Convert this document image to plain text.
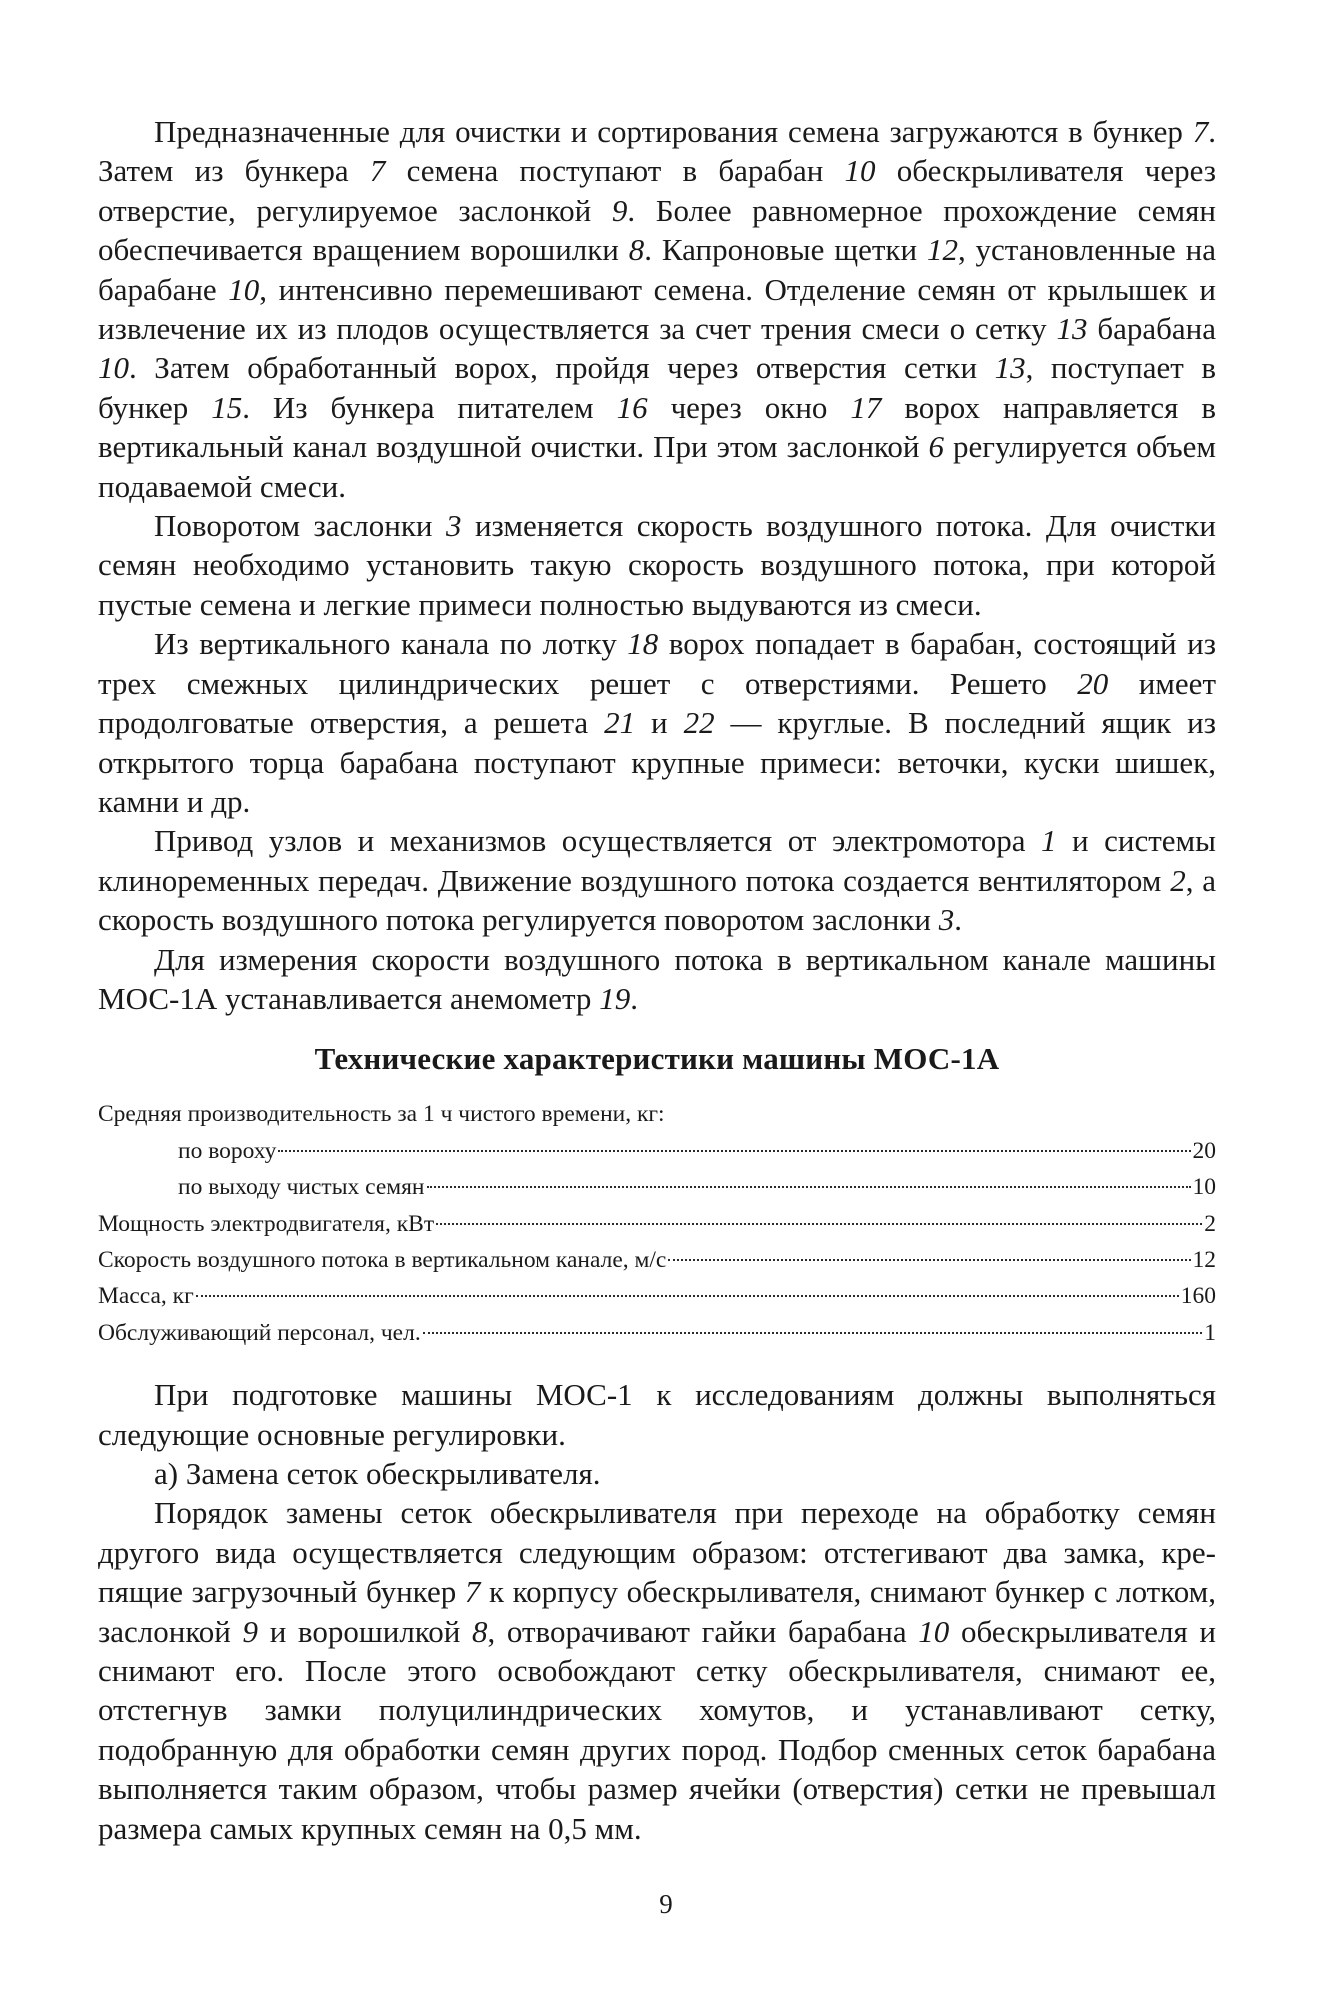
Предназначенные для очистки и сортирования семена загружаются в бункер 7. Затем из бункера 7 семена поступают в барабан 10 обескрыливателя через отверстие, регулируемое заслонкой 9. Более равномерное прохождение семян обеспечивается вращением ворошилки 8. Капроновые щетки 12, установленные на барабане 10, интенсивно перемешивают семена. Отделение семян от крылышек и извлечение их из плодов осуществляется за счет трения смеси о сетку 13 барабана 10. Затем обработанный ворох, пройдя через отверстия сетки 13, поступает в бункер 15. Из бункера питателем 16 через окно 17 ворох направляется в вертикальный канал воздушной очистки. При этом заслонкой 6 регулируется объем подаваемой смеси.

Поворотом заслонки 3 изменяется скорость воздушного потока. Для очистки семян необходимо установить такую скорость воздушного потока, при которой пустые семена и легкие примеси полностью выдуваются из смеси.

Из вертикального канала по лотку 18 ворох попадает в барабан, состоящий из трех смежных цилиндрических решет с отверстиями. Решето 20 имеет продолговатые отверстия, а решета 21 и 22 — круглые. В последний ящик из открытого торца барабана поступают крупные примеси: веточки, куски шишек, камни и др.

Привод узлов и механизмов осуществляется от электромотора 1 и системы клиноременных передач. Движение воздушного потока создается вентилятором 2, а скорость воздушного потока регулируется поворотом заслонки 3.

Для измерения скорости воздушного потока в вертикальном канале машины МОС-1А устанавливается анемометр 19.

Технические характеристики машины МОС-1А
Средняя производительность за 1 ч чистого времени, кг:
по вороху	20
по выходу чистых семян	10
Мощность электродвигателя, кВт	2
Скорость воздушного потока в вертикальном канале, м/с	12
Масса, кг	160
Обслуживающий персонал, чел.	1

При подготовке машины МОС-1 к исследованиям должны выполняться следующие основные регулировки.

а) Замена сеток обескрыливателя.

Порядок замены сеток обескрыливателя при переходе на обработку семян другого вида осуществляется следующим образом: отстегивают два замка, крепящие загрузочный бункер 7 к корпусу обескрыливателя, снимают бункер с лотком, заслонкой 9 и ворошилкой 8, отворачивают гайки барабана 10 обескрыливателя и снимают его. После этого освобождают сетку обескрыливателя, снимают ее, отстегнув замки полуцилиндрических хомутов, и устанавливают сетку, подобранную для обработки семян других пород. Подбор сменных сеток барабана выполняется таким образом, чтобы размер ячейки (отверстия) сетки не превышал размера самых крупных семян на 0,5 мм.

9
